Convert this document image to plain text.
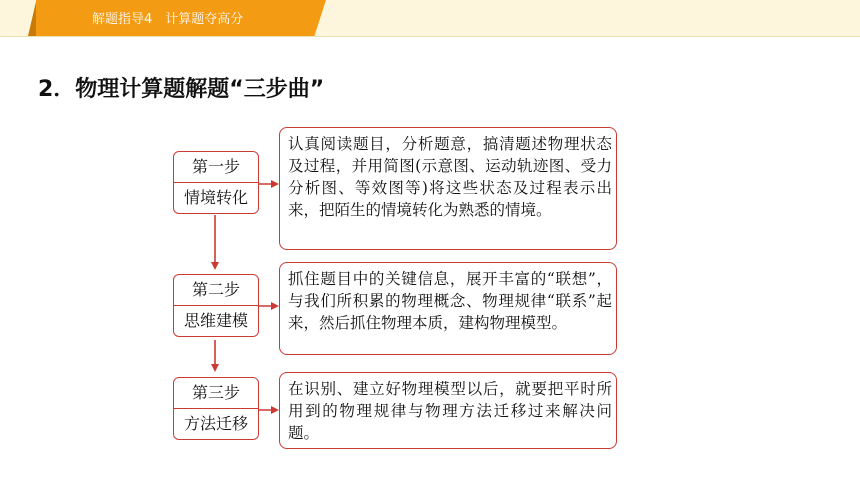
解题指导4　计算题夺高分
2．物理计算题解题“三步曲”
第一步
情境转化
认真阅读题目，分析题意，搞清题述物理状态及过程，并用简图(示意图、运动轨迹图、受力分析图、等效图等)将这些状态及过程表示出来，把陌生的情境转化为熟悉的情境。
第二步
思维建模
抓住题目中的关键信息，展开丰富的“联想”，与我们所积累的物理概念、物理规律“联系”起来，然后抓住物理本质，建构物理模型。
第三步
方法迁移
在识别、建立好物理模型以后，就要把平时所用到的物理规律与物理方法迁移过来解决问题。
